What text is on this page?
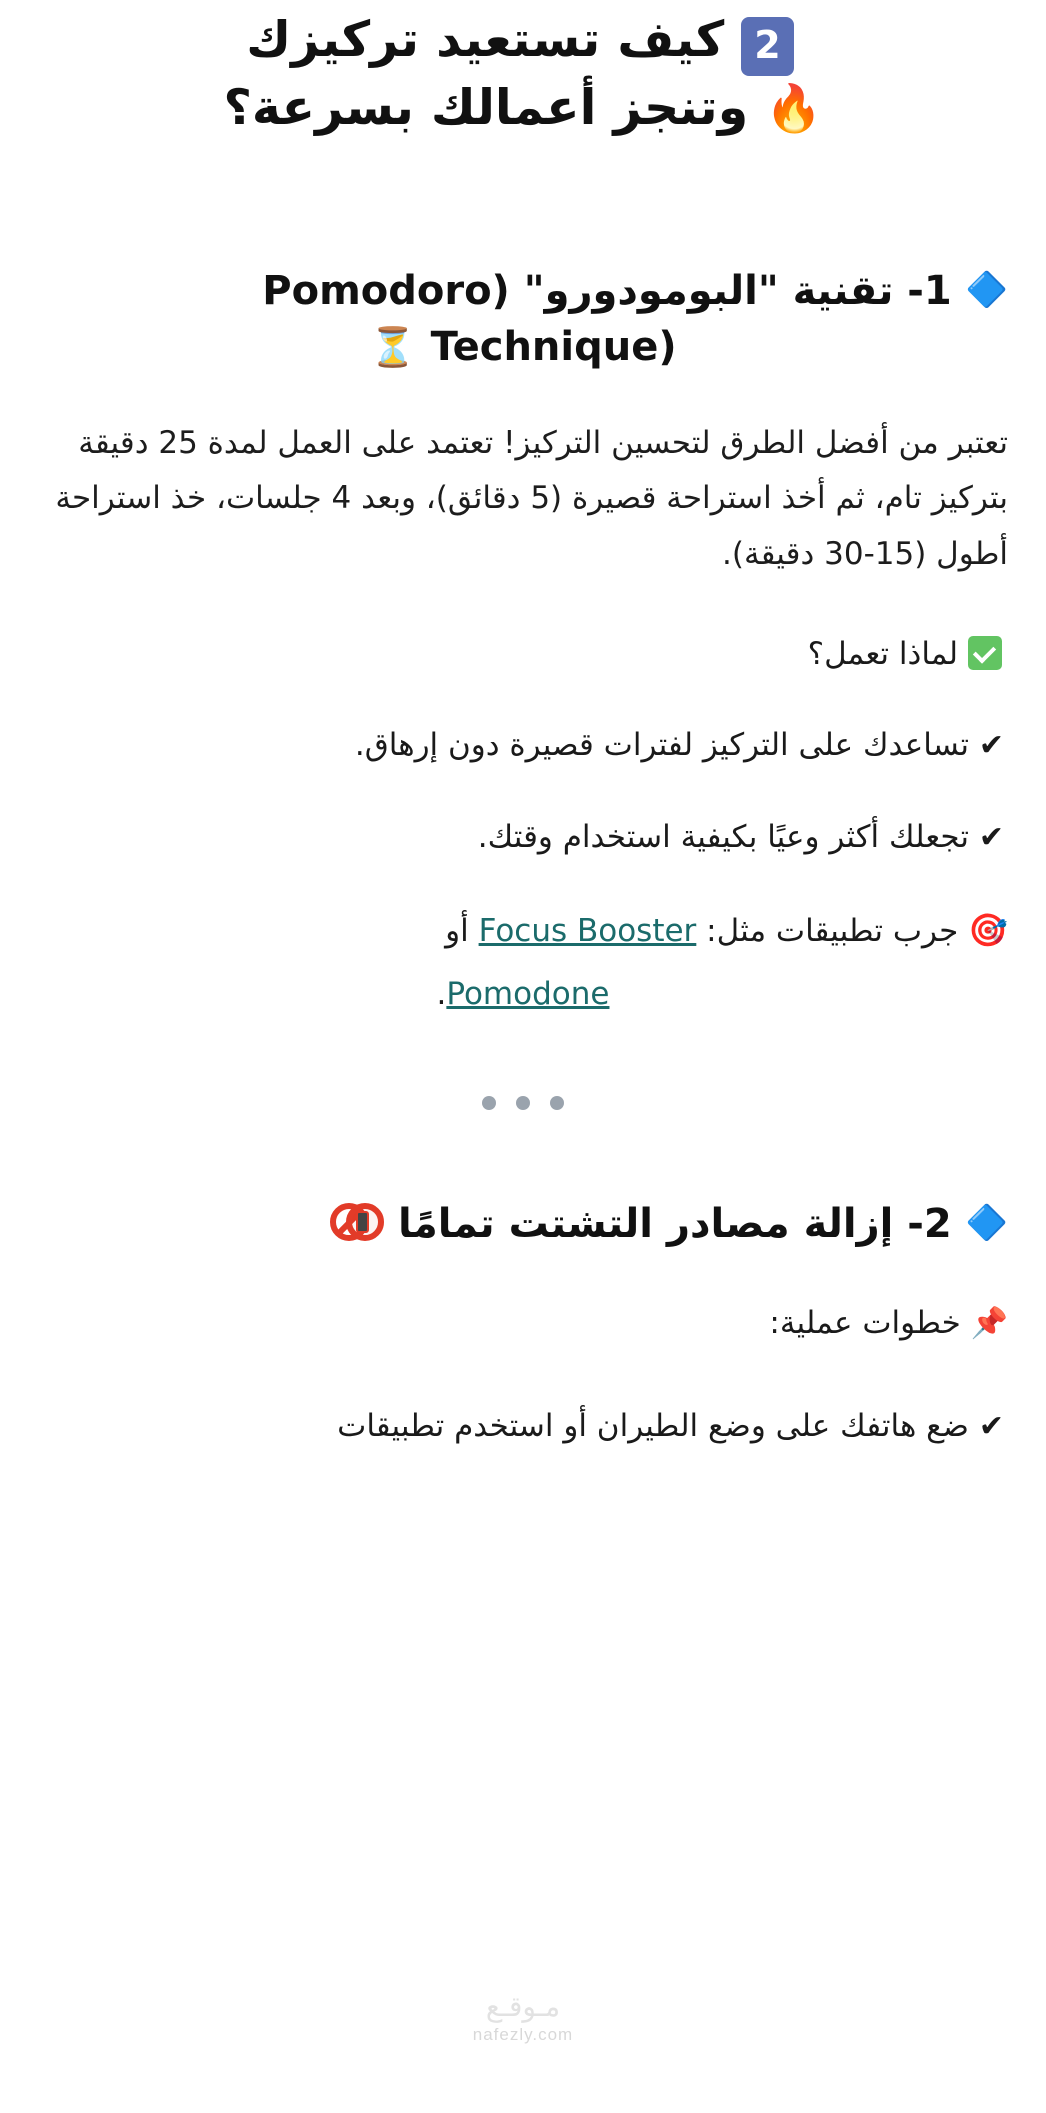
2 كيف تستعيد تركيزك
🔥 وتنجز أعمالك بسرعة؟
🔷 1- تقنية "البومودورو" (Pomodoro
(Technique ⏳

تعتبر من أفضل الطرق لتحسين التركيز! تعتمد على العمل لمدة 25 دقيقة بتركيز تام، ثم أخذ استراحة قصيرة (5 دقائق)، وبعد 4 جلسات، خذ استراحة أطول (15-30 دقيقة).

لماذا تعمل؟
✔ تساعدك على التركيز لفترات قصيرة دون إرهاق.
✔ تجعلك أكثر وعيًا بكيفية استخدام وقتك.
🎯 جرب تطبيقات مثل: Focus Booster أو
Pomodone.
🔷 2- إزالة مصادر التشتت تمامًا
📌 خطوات عملية:
✔ ضع هاتفك على وضع الطيران أو استخدم تطبيقات
مـوقـع
nafezly.com
